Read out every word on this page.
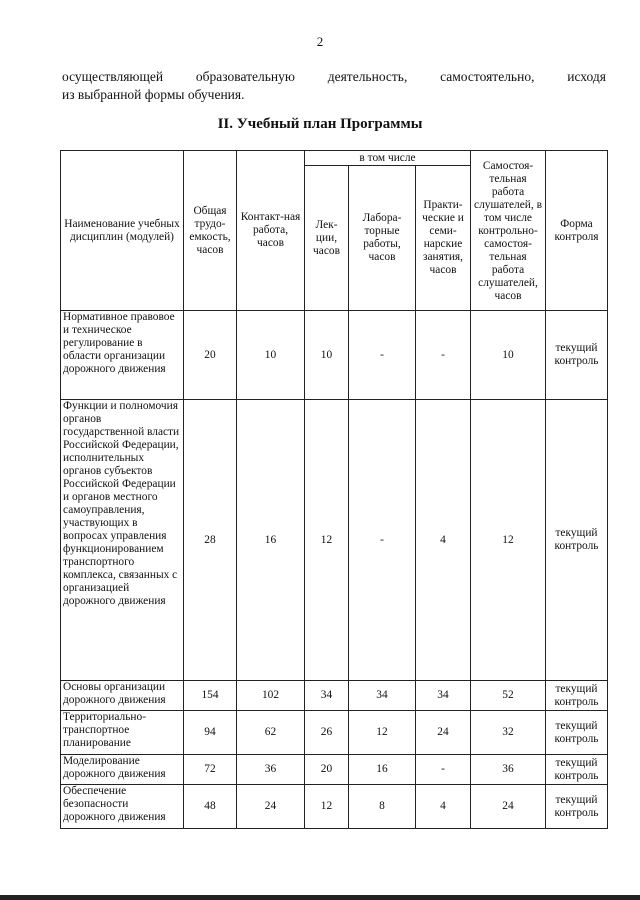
2
осуществляющей образовательную деятельность, самостоятельно, исходя
из выбранной формы обучения.
II. Учебный план Программы
Наименование учебных дисциплин (модулей)	Общая трудо-емкость, часов	Контакт-ная работа, часов	в том числе			Самостоя-тельная работа слушателей, в том числе контрольно-самостоя-тельная работа слушателей, часов	Форма контроля
			Лек-ции, часов	Лабора-торные работы, часов	Практи-ческие и семи-нарские занятия, часов		
Нормативное правовое и техническое регулирование в области организации дорожного движения	20	10	10	-	-	10	текущий контроль
Функции и полномочия органов государственной власти Российской Федерации, исполнительных органов субъектов Российской Федерации и органов местного самоуправления, участвующих в вопросах управления функционированием транспортного комплекса, связанных с организацией дорожного движения	28	16	12	-	4	12	текущий контроль
Основы организации дорожного движения	154	102	34	34	34	52	текущий контроль
Территориально-транспортное планирование	94	62	26	12	24	32	текущий контроль
Моделирование дорожного движения	72	36	20	16	-	36	текущий контроль
Обеспечение безопасности дорожного движения	48	24	12	8	4	24	текущий контроль
